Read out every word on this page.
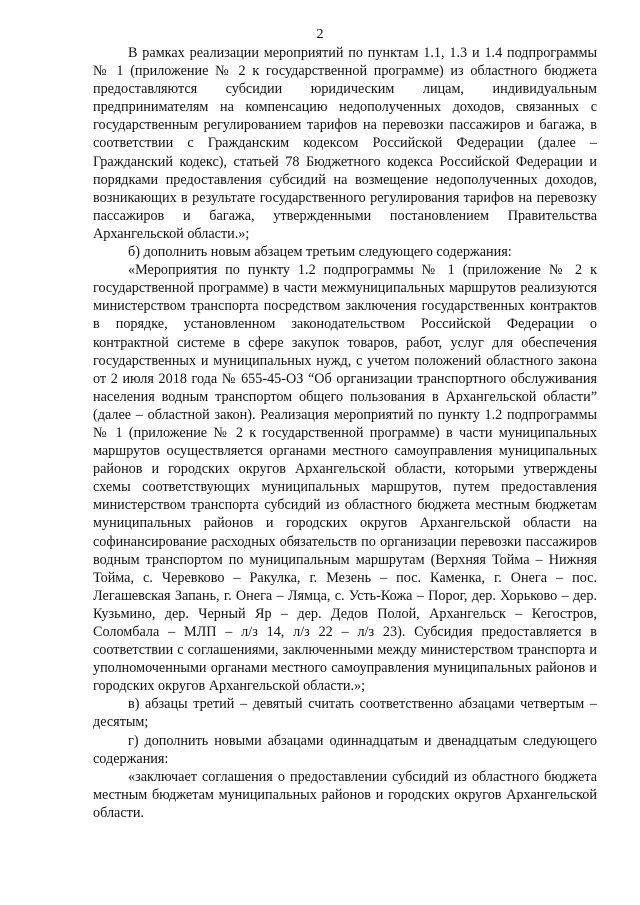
2

В рамках реализации мероприятий по пунктам 1.1, 1.3 и 1.4 подпрограммы № 1 (приложение № 2 к государственной программе) из областного бюджета предоставляются субсидии юридическим лицам, индивидуальным предпринимателям на компенсацию недополученных доходов, связанных с государственным регулированием тарифов на перевозки пассажиров и багажа, в соответствии с Гражданским кодексом Российской Федерации (далее – Гражданский кодекс), статьей 78 Бюджетного кодекса Российской Федерации и порядками предоставления субсидий на возмещение недополученных доходов, возникающих в результате государственного регулирования тарифов на перевозку пассажиров и багажа, утвержденными постановлением Правительства Архангельской области.»;

б) дополнить новым абзацем третьим следующего содержания:

«Мероприятия по пункту 1.2 подпрограммы № 1 (приложение № 2 к государственной программе) в части межмуниципальных маршрутов реализуются министерством транспорта посредством заключения государственных контрактов в порядке, установленном законодательством Российской Федерации о контрактной системе в сфере закупок товаров, работ, услуг для обеспечения государственных и муниципальных нужд, с учетом положений областного закона от 2 июля 2018 года № 655-45-ОЗ “Об организации транспортного обслуживания населения водным транспортом общего пользования в Архангельской области” (далее – областной закон). Реализация мероприятий по пункту 1.2 подпрограммы № 1 (приложение № 2 к государственной программе) в части муниципальных маршрутов осуществляется органами местного самоуправления муниципальных районов и городских округов Архангельской области, которыми утверждены схемы соответствующих муниципальных маршрутов, путем предоставления министерством транспорта субсидий из областного бюджета местным бюджетам муниципальных районов и городских округов Архангельской области на софинансирование расходных обязательств по организации перевозки пассажиров водным транспортом по муниципальным маршрутам (Верхняя Тойма – Нижняя Тойма, с. Черевково – Ракулка, г. Мезень – пос. Каменка, г. Онега – пос. Легашевская Запань, г. Онега – Лямца, с. Усть-Кожа – Порог, дер. Хорьково – дер. Кузьмино, дер. Черный Яр – дер. Дедов Полой, Архангельск – Кегостров, Соломбала – МЛП – л/з 14, л/з 22 – л/з 23). Субсидия предоставляется в соответствии с соглашениями, заключенными между министерством транспорта и уполномоченными органами местного самоуправления муниципальных районов и городских округов Архангельской области.»;

в) абзацы третий – девятый считать соответственно абзацами четвертым – десятым;

г) дополнить новыми абзацами одиннадцатым и двенадцатым следующего содержания:

«заключает соглашения о предоставлении субсидий из областного бюджета местным бюджетам муниципальных районов и городских округов Архангельской области.
